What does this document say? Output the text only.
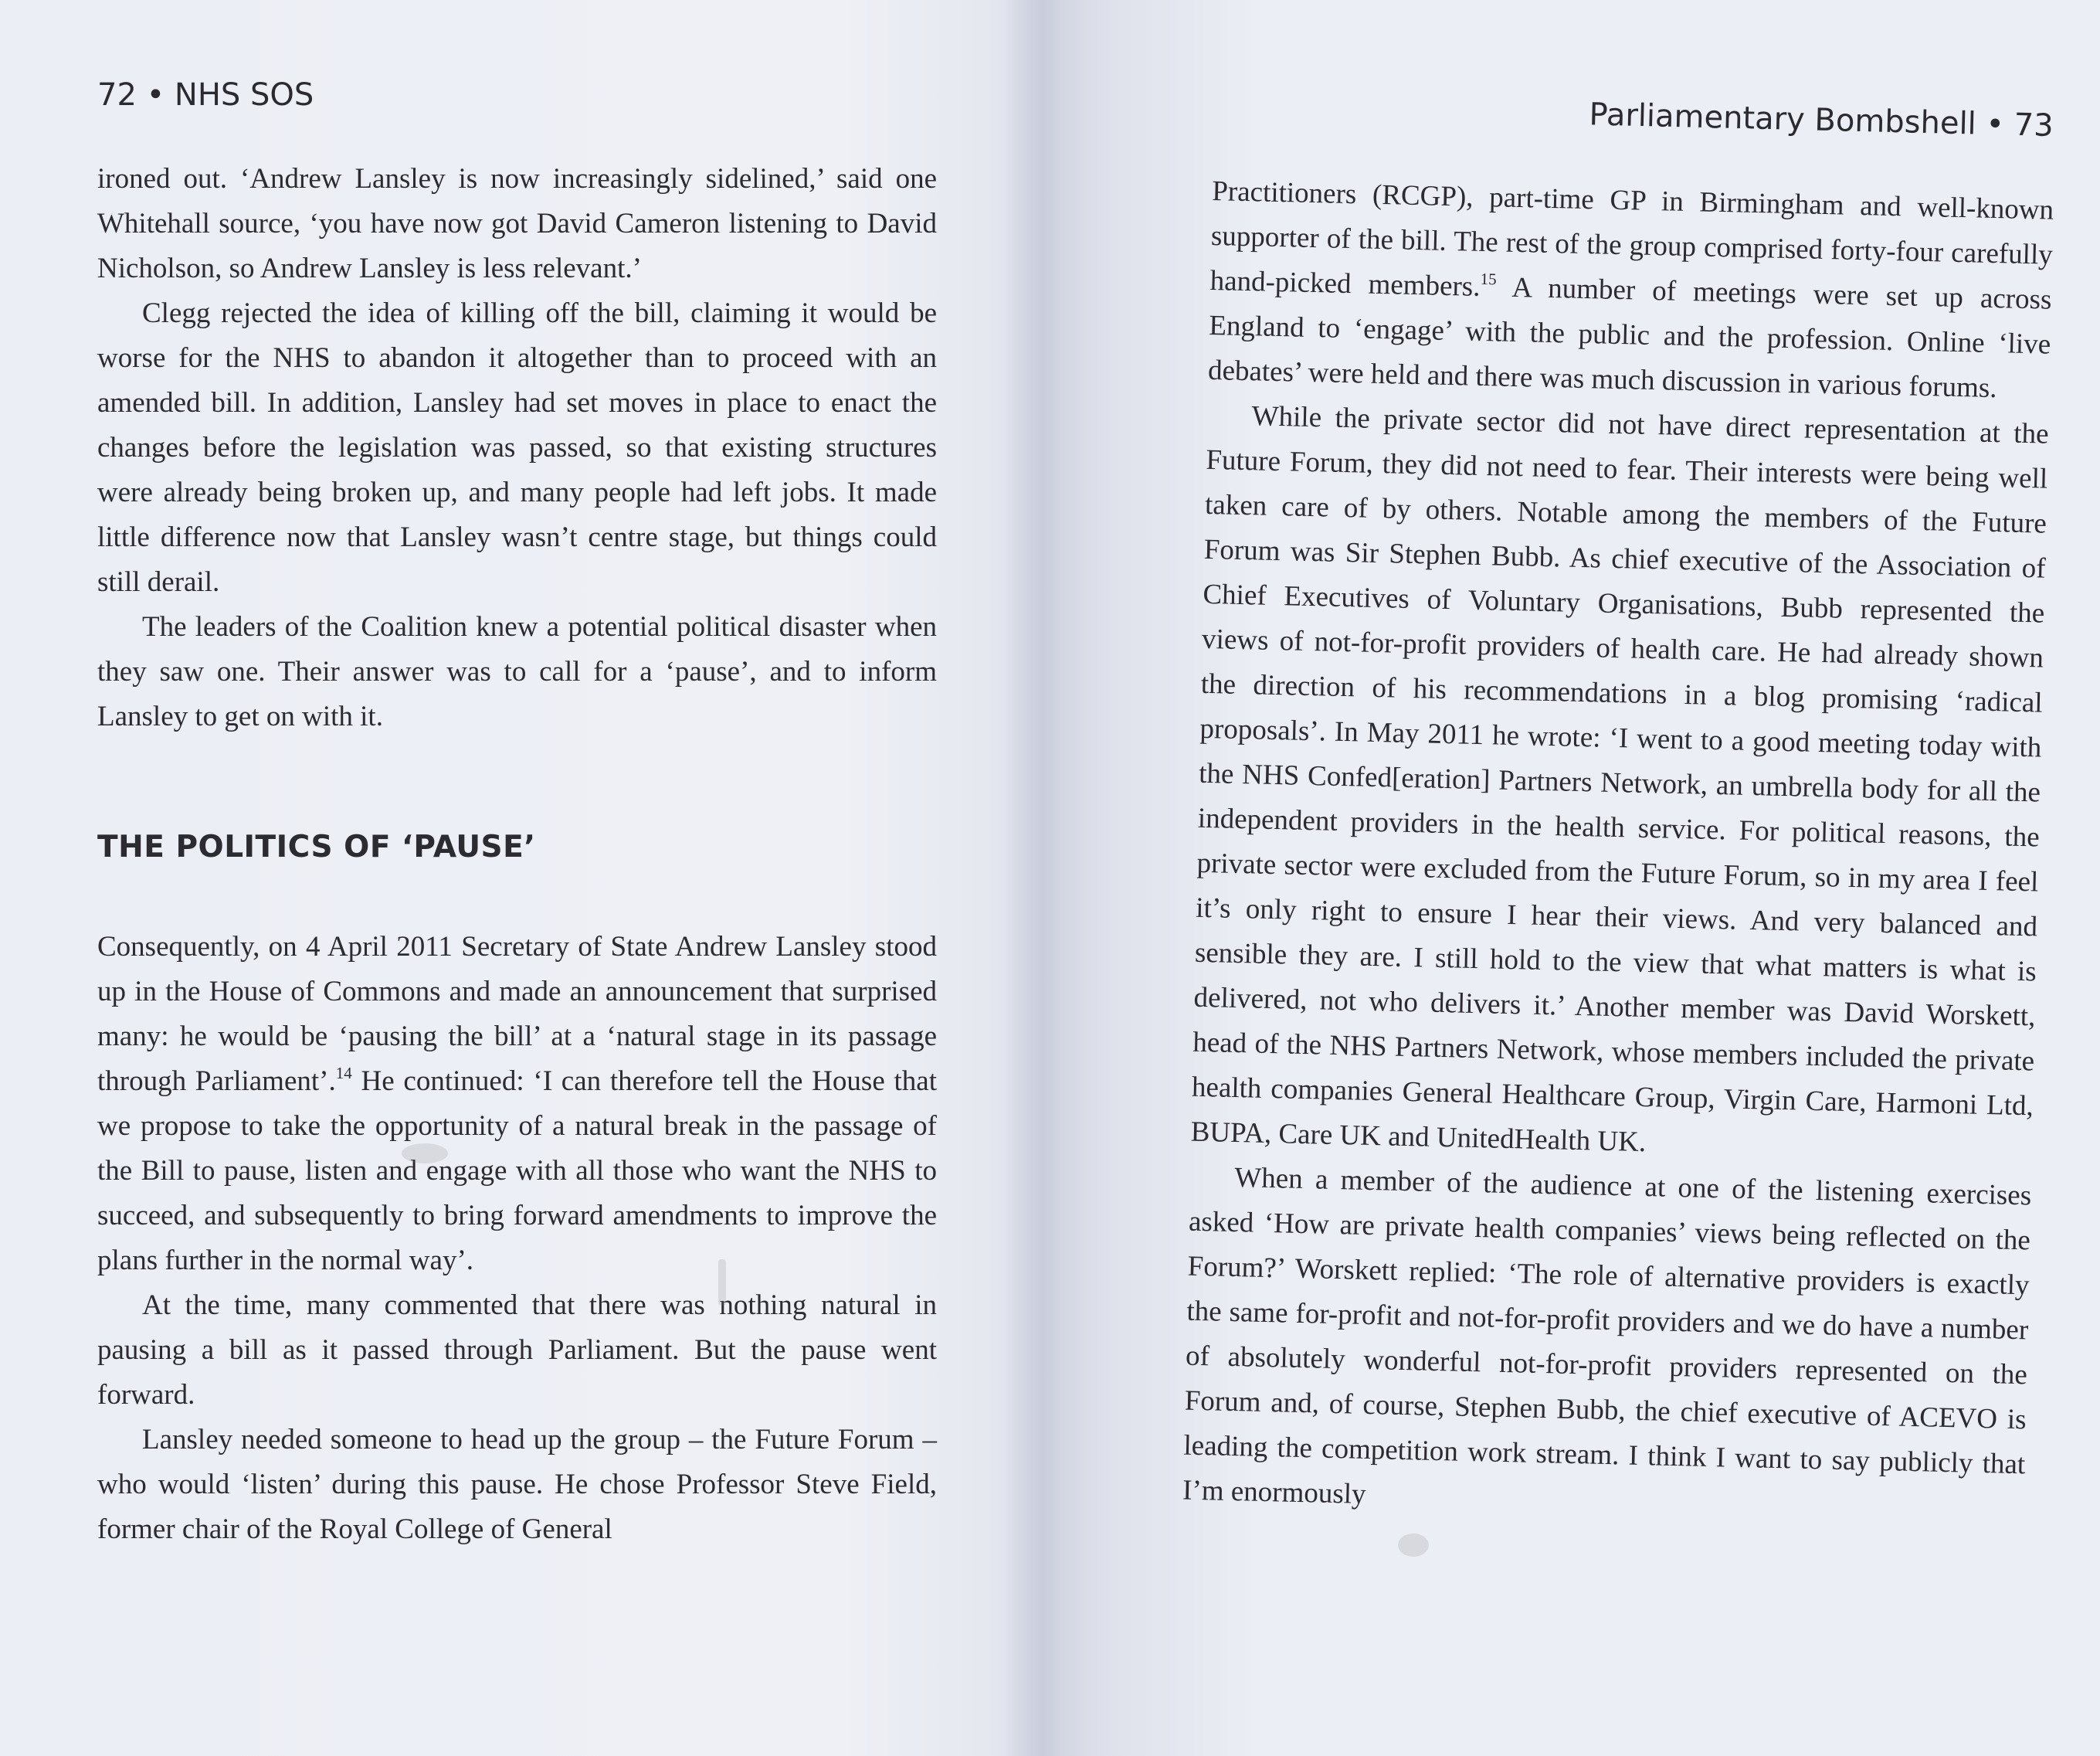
72 • NHS SOS

ironed out. ‘Andrew Lansley is now increasingly sidelined,’ said one Whitehall source, ‘you have now got David Cameron listening to David Nicholson, so Andrew Lansley is less relevant.’

Clegg rejected the idea of killing off the bill, claiming it would be worse for the NHS to abandon it altogether than to proceed with an amended bill. In addition, Lansley had set moves in place to enact the changes before the legislation was passed, so that existing structures were already being broken up, and many people had left jobs. It made little difference now that Lansley wasn’t centre stage, but things could still derail.

The leaders of the Coalition knew a potential political disaster when they saw one. Their answer was to call for a ‘pause’, and to inform Lansley to get on with it.

THE POLITICS OF ‘PAUSE’

Consequently, on 4 April 2011 Secretary of State Andrew Lansley stood up in the House of Commons and made an announcement that surprised many: he would be ‘pausing the bill’ at a ‘natural stage in its passage through Parliament’.$^{14}$ He continued: ‘I can therefore tell the House that we propose to take the opportunity of a natural break in the passage of the Bill to pause, listen and engage with all those who want the NHS to succeed, and subsequently to bring forward amendments to improve the plans further in the normal way’.

At the time, many commented that there was nothing natural in pausing a bill as it passed through Parliament. But the pause went forward.

Lansley needed someone to head up the group – the Future Forum – who would ‘listen’ during this pause. He chose Professor Steve Field, former chair of the Royal College of General

Parliamentary Bombshell • 73

Practitioners (RCGP), part-time GP in Birmingham and well-known supporter of the bill. The rest of the group comprised forty-four carefully hand-picked members.$^{15}$ A number of meetings were set up across England to ‘engage’ with the public and the profession. Online ‘live debates’ were held and there was much discussion in various forums.

While the private sector did not have direct representation at the Future Forum, they did not need to fear. Their interests were being well taken care of by others. Notable among the members of the Future Forum was Sir Stephen Bubb. As chief executive of the Association of Chief Executives of Voluntary Organisations, Bubb represented the views of not-for-profit providers of health care. He had already shown the direction of his recommendations in a blog promising ‘radical proposals’. In May 2011 he wrote: ‘I went to a good meeting today with the NHS Confed[eration] Partners Network, an umbrella body for all the independent providers in the health service. For political reasons, the private sector were excluded from the Future Forum, so in my area I feel it’s only right to ensure I hear their views. And very balanced and sensible they are. I still hold to the view that what matters is what is delivered, not who delivers it.’ Another member was David Worskett, head of the NHS Partners Network, whose members included the private health companies General Healthcare Group, Virgin Care, Harmoni Ltd, BUPA, Care UK and UnitedHealth UK.

When a member of the audience at one of the listening exercises asked ‘How are private health companies’ views being reflected on the Forum?’ Worskett replied: ‘The role of alternative providers is exactly the same for-profit and not-for-profit providers and we do have a number of absolutely wonderful not-for-profit providers represented on the Forum and, of course, Stephen Bubb, the chief executive of ACEVO is leading the competition work stream. I think I want to say publicly that I’m enormously
